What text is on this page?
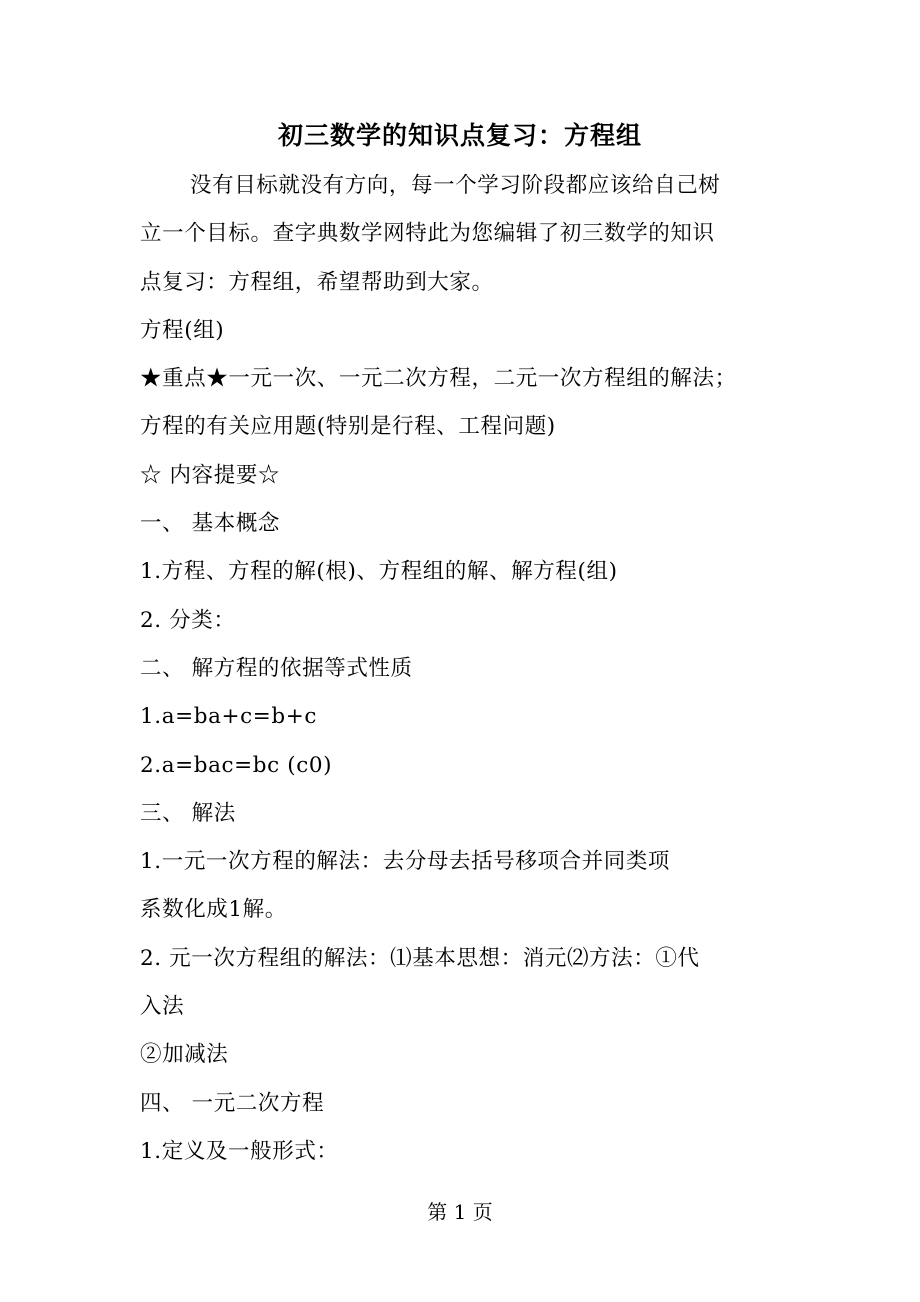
初三数学的知识点复习：方程组
没有目标就没有方向，每一个学习阶段都应该给自己树
立一个目标。查字典数学网特此为您编辑了初三数学的知识
点复习：方程组，希望帮助到大家。
方程(组)
★重点★一元一次、一元二次方程，二元一次方程组的解法；
方程的有关应用题(特别是行程、工程问题)
☆ 内容提要☆
一、 基本概念
1.方程、方程的解(根)、方程组的解、解方程(组)
2. 分类：
二、 解方程的依据等式性质
1.a=ba+c=b+c
2.a=bac=bc (c0)
三、 解法
1.一元一次方程的解法：去分母去括号移项合并同类项
系数化成1解。
2. 元一次方程组的解法：⑴基本思想：消元⑵方法：①代
入法
②加减法
四、 一元二次方程
1.定义及一般形式：
第 1 页
